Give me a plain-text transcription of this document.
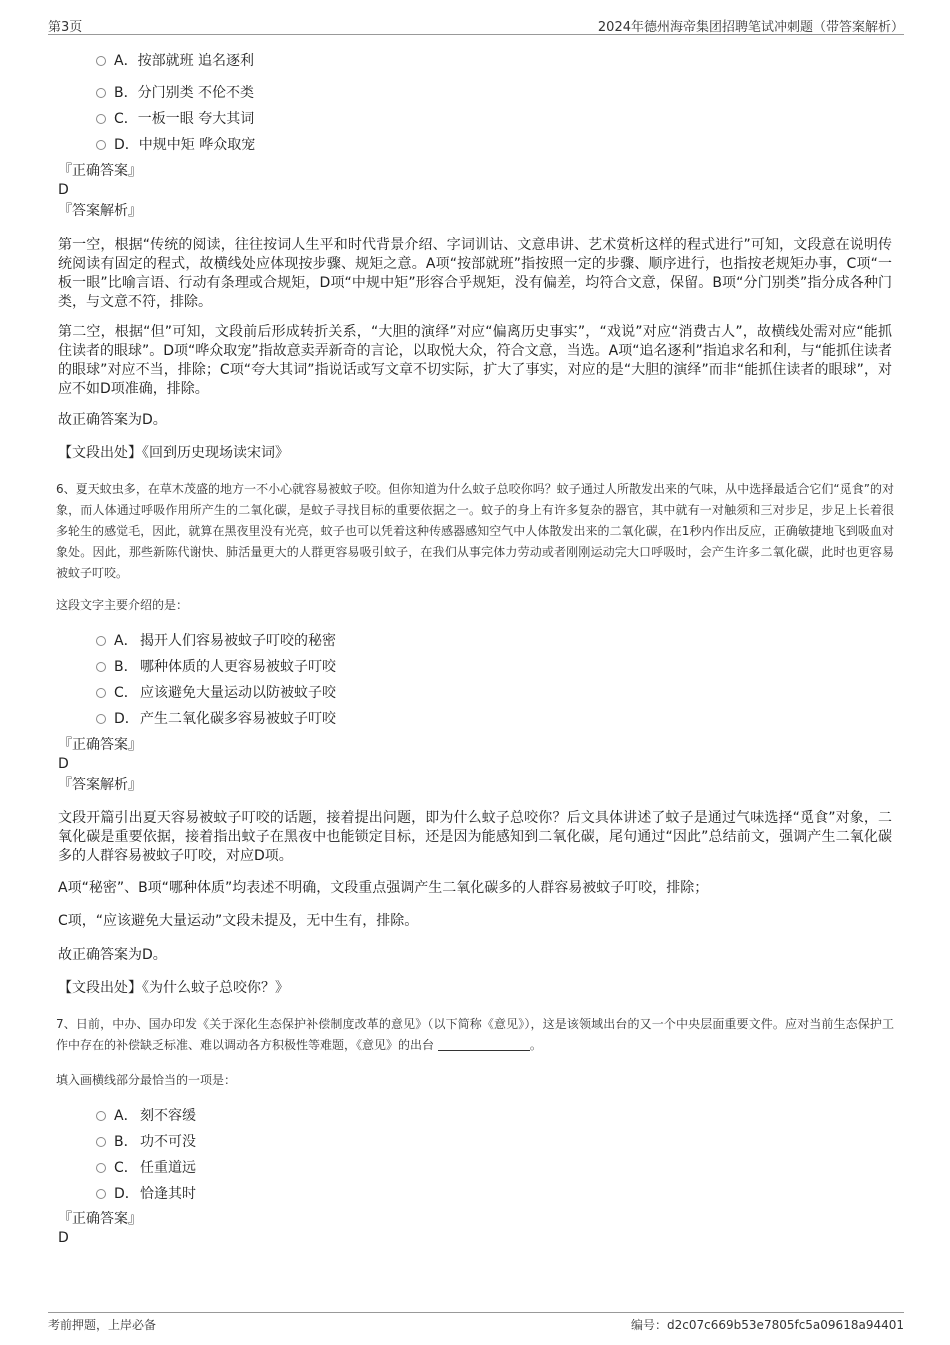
第3页	2024年德州海帝集团招聘笔试冲刺题（带答案解析）
A．按部就班 追名逐利
B．分门别类 不伦不类
C．一板一眼 夸大其词
D．中规中矩 哗众取宠
『正确答案』
D
『答案解析』
第一空，根据“传统的阅读，往往按词人生平和时代背景介绍、字词训诂、文意串讲、艺术赏析这样的程式进行”可知，文段意在说明传统阅读有固定的程式，故横线处应体现按步骤、规矩之意。A项“按部就班”指按照一定的步骤、顺序进行，也指按老规矩办事，C项“一板一眼”比喻言语、行动有条理或合规矩，D项“中规中矩”形容合乎规矩，没有偏差，均符合文意，保留。B项“分门别类”指分成各种门类，与文意不符，排除。
第二空，根据“但”可知，文段前后形成转折关系，“大胆的演绎”对应“偏离历史事实”，“戏说”对应“消费古人”，故横线处需对应“能抓住读者的眼球”。D项“哗众取宠”指故意卖弄新奇的言论，以取悦大众，符合文意，当选。A项“追名逐利”指追求名和利，与“能抓住读者的眼球”对应不当，排除；C项“夸大其词”指说话或写文章不切实际，扩大了事实，对应的是“大胆的演绎”而非“能抓住读者的眼球”，对应不如D项准确，排除。
故正确答案为D。
【文段出处】《回到历史现场读宋词》
6、夏天蚊虫多，在草木茂盛的地方一不小心就容易被蚊子咬。但你知道为什么蚊子总咬你吗？蚊子通过人所散发出来的气味，从中选择最适合它们“觅食”的对象，而人体通过呼吸作用所产生的二氧化碳，是蚊子寻找目标的重要依据之一。蚊子的身上有许多复杂的器官，其中就有一对触须和三对步足，步足上长着很多轮生的感觉毛，因此，就算在黑夜里没有光亮，蚊子也可以凭着这种传感器感知空气中人体散发出来的二氧化碳，在1秒内作出反应，正确敏捷地飞到吸血对象处。因此，那些新陈代谢快、肺活量更大的人群更容易吸引蚊子，在我们从事完体力劳动或者刚刚运动完大口呼吸时，会产生许多二氧化碳，此时也更容易被蚊子叮咬。
这段文字主要介绍的是：
A． 揭开人们容易被蚊子叮咬的秘密
B． 哪种体质的人更容易被蚊子叮咬
C． 应该避免大量运动以防被蚊子咬
D．产生二氧化碳多容易被蚊子叮咬
『正确答案』
D
『答案解析』
文段开篇引出夏天容易被蚊子叮咬的话题，接着提出问题，即为什么蚊子总咬你？后文具体讲述了蚊子是通过气味选择“觅食”对象，二氧化碳是重要依据，接着指出蚊子在黑夜中也能锁定目标，还是因为能感知到二氧化碳，尾句通过“因此”总结前文，强调产生二氧化碳多的人群容易被蚊子叮咬，对应D项。
A项“秘密”、B项“哪种体质”均表述不明确，文段重点强调产生二氧化碳多的人群容易被蚊子叮咬，排除；
C项，“应该避免大量运动”文段未提及，无中生有，排除。
故正确答案为D。
【文段出处】《为什么蚊子总咬你？》
7、日前，中办、国办印发《关于深化生态保护补偿制度改革的意见》（以下简称《意见》），这是该领域出台的又一个中央层面重要文件。应对当前生态保护工作中存在的补偿缺乏标准、难以调动各方积极性等难题，《意见》的出台	。
填入画横线部分最恰当的一项是：
A． 刻不容缓
B． 功不可没
C． 任重道远
D．恰逢其时
『正确答案』
D
考前押题，上岸必备	编号：d2c07c669b53e7805fc5a09618a94401
